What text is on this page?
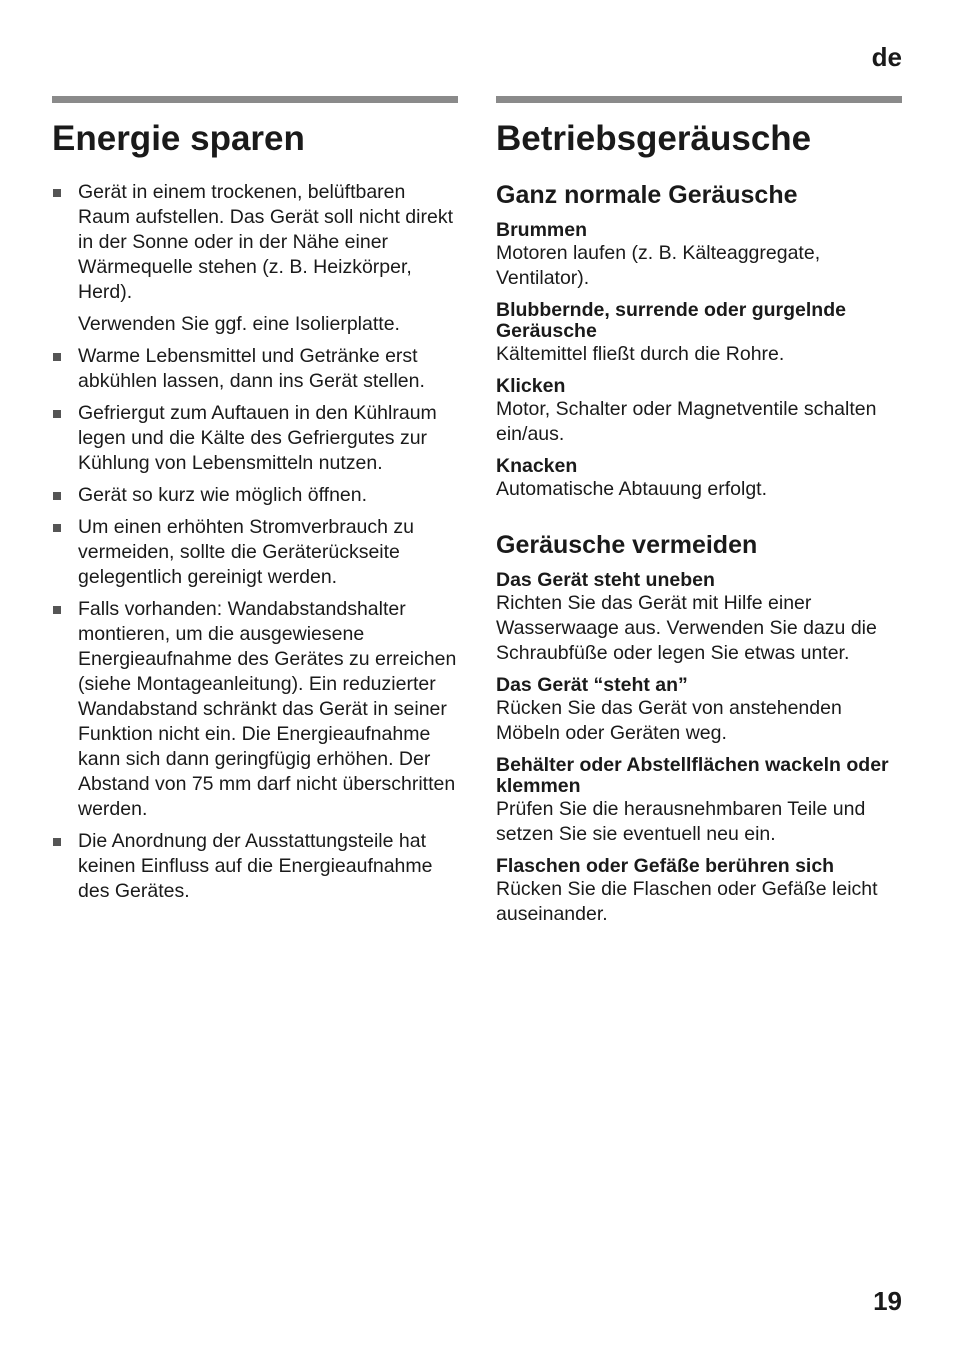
de
Energie sparen

Gerät in einem trockenen, belüftbaren Raum aufstellen. Das Gerät soll nicht direkt in der Sonne oder in der Nähe einer Wärmequelle stehen (z. B. Heizkörper, Herd).

Verwenden Sie ggf. eine Isolierplatte.

Warme Lebensmittel und Getränke erst abkühlen lassen, dann ins Gerät stellen.

Gefriergut zum Auftauen in den Kühlraum legen und die Kälte des Gefriergutes zur Kühlung von Lebensmitteln nutzen.

Gerät so kurz wie möglich öffnen.

Um einen erhöhten Stromverbrauch zu vermeiden, sollte die Geräterückseite gelegentlich gereinigt werden.

Falls vorhanden: Wandabstandshalter montieren, um die ausgewiesene Energieaufnahme des Gerätes zu erreichen (siehe Montageanleitung). Ein reduzierter Wandabstand schränkt das Gerät in seiner Funktion nicht ein. Die Energieaufnahme kann sich dann geringfügig erhöhen. Der Abstand von 75 mm darf nicht überschritten werden.

Die Anordnung der Ausstattungsteile hat keinen Einfluss auf die Energieaufnahme des Gerätes.

Betriebsgeräusche
Ganz normale Geräusche
Brummen
Motoren laufen (z. B. Kälteaggregate, Ventilator).
Blubbernde, surrende oder gurgelnde Geräusche
Kältemittel fließt durch die Rohre.
Klicken
Motor, Schalter oder Magnetventile schalten ein/aus.
Knacken
Automatische Abtauung erfolgt.
Geräusche vermeiden
Das Gerät steht uneben
Richten Sie das Gerät mit Hilfe einer Wasserwaage aus. Verwenden Sie dazu die Schraubfüße oder legen Sie etwas unter.
Das Gerät “steht an”
Rücken Sie das Gerät von anstehenden Möbeln oder Geräten weg.
Behälter oder Abstellflächen wackeln oder klemmen
Prüfen Sie die herausnehmbaren Teile und setzen Sie sie eventuell neu ein.
Flaschen oder Gefäße berühren sich
Rücken Sie die Flaschen oder Gefäße leicht auseinander.
19
